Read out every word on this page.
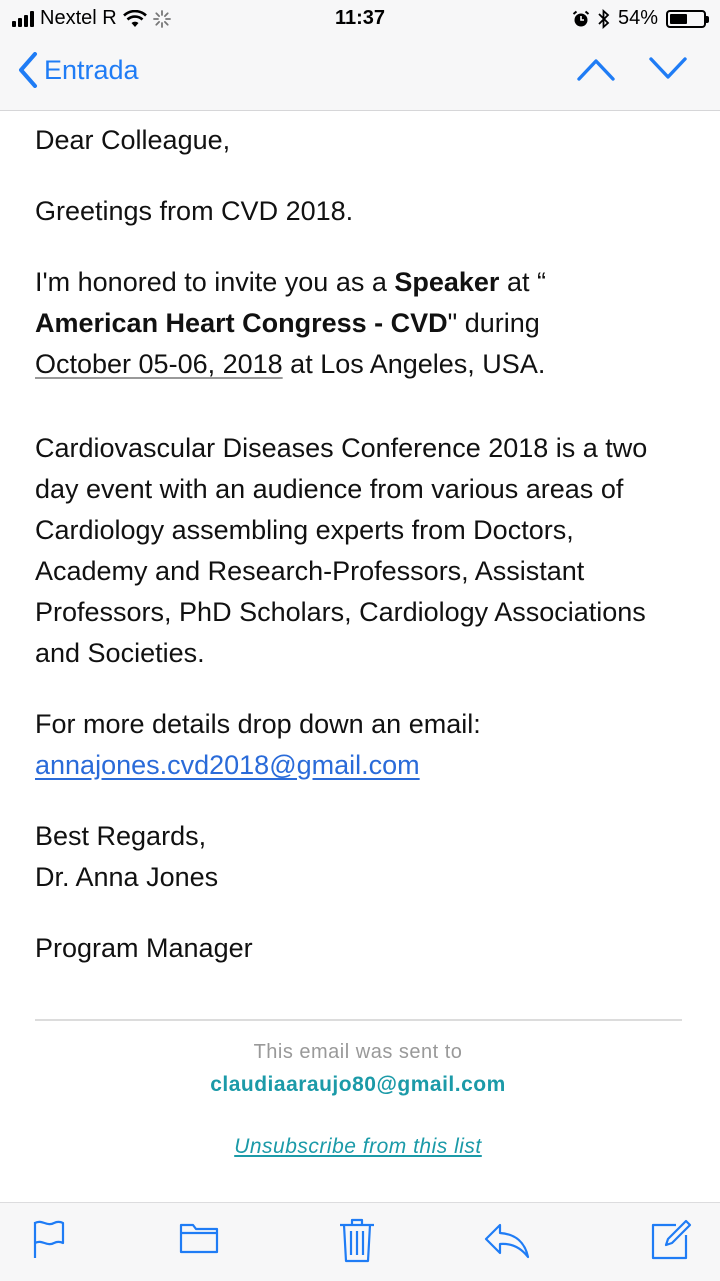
Nextel R	11:37	54%
Entrada

Dear Colleague,

Greetings from CVD 2018.

I'm honored to invite you as a Speaker at “
American Heart Congress - CVD" during
October 05-06, 2018 at Los Angeles, USA.

Cardiovascular Diseases Conference 2018 is a two day event with an audience from various areas of Cardiology assembling experts from Doctors, Academy and Research-Professors, Assistant Professors, PhD Scholars, Cardiology Associations and Societies.

For more details drop down an email:
annajones.cvd2018@gmail.com

Best Regards,
Dr. Anna Jones

Program Manager

This email was sent to
claudiaaraujo80@gmail.com
Unsubscribe from this list
